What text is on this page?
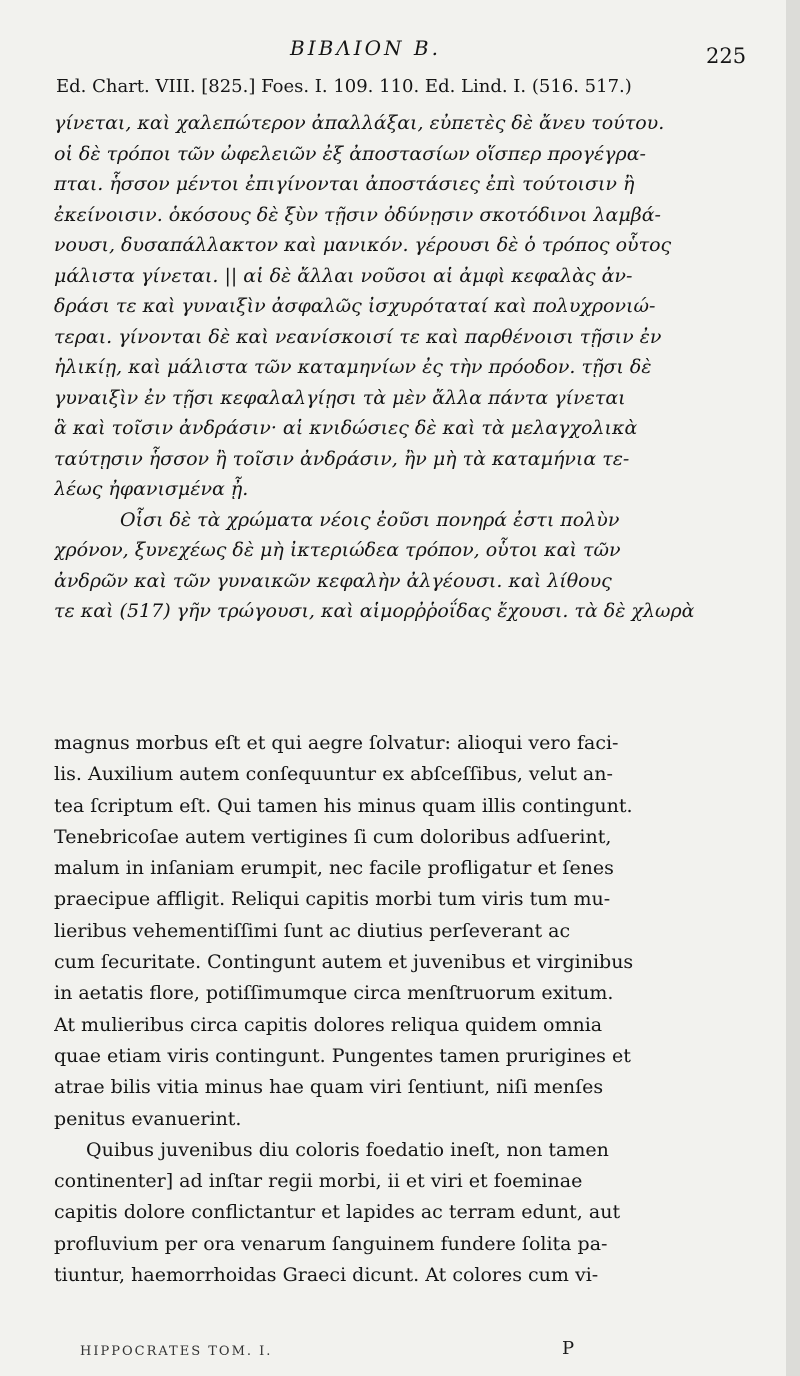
ΒΙΒΛΙΟΝ Β.	225
Ed. Chart. VIII. [825.] Foes. I. 109. 110. Ed. Lind. I. (516. 517.)
γίνεται, καὶ χαλεπώτερον ἀπαλλάξαι, εὐπετὲς δὲ ἄνευ τούτου.
οἱ δὲ τρόποι τῶν ὠφελειῶν ἐξ ἀποστασίων οἵσπερ προγέγρα-
πται. ἧσσον μέντοι ἐπιγίνονται ἀποστάσιες ἐπὶ τούτοισιν ἢ
ἐκείνοισιν. ὁκόσους δὲ ξὺν τῇσιν ὀδύνῃσιν σκοτόδινοι λαμβά-
νουσι, δυσαπάλλακτον καὶ μανικόν. γέρουσι δὲ ὁ τρόπος οὗτος
μάλιστα γίνεται. || αἱ δὲ ἄλλαι νοῦσοι αἱ ἀμφὶ κεφαλὰς ἀν-
δράσι τε καὶ γυναιξὶν ἀσφαλῶς ἰσχυρόταταί καὶ πολυχρονιώ-
τεραι. γίνονται δὲ καὶ νεανίσκοισί τε καὶ παρθένοισι τῇσιν ἐν
ἡλικίῃ, καὶ μάλιστα τῶν καταμηνίων ἐς τὴν πρόοδον. τῇσι δὲ
γυναιξὶν ἐν τῇσι κεφαλαλγίῃσι τὰ μὲν ἄλλα πάντα γίνεται
ἃ καὶ τοῖσιν ἀνδράσιν· αἱ κνιδώσιες δὲ καὶ τὰ μελαγχολικὰ
ταύτῃσιν ἧσσον ἢ τοῖσιν ἀνδράσιν, ἢν μὴ τὰ καταμήνια τε-
λέως ἠφανισμένα ᾖ.
Οἷσι δὲ τὰ χρώματα νέοις ἐοῦσι πονηρά ἐστι πολὺν
χρόνον, ξυνεχέως δὲ μὴ ἰκτεριώδεα τρόπον, οὗτοι καὶ τῶν
ἀνδρῶν καὶ τῶν γυναικῶν κεφαλὴν ἀλγέουσι. καὶ λίθους
τε καὶ (517) γῆν τρώγουσι, καὶ αἱμορῤῥοΐδας ἔχουσι. τὰ δὲ χλωρὰ
magnus morbus eſt et qui aegre ſolvatur: alioqui vero faci-
lis. Auxilium autem conſequuntur ex abſceſſibus, velut an-
tea ſcriptum eſt. Qui tamen his minus quam illis contingunt.
Tenebricoſae autem vertigines ſi cum doloribus adſuerint,
malum in inſaniam erumpit, nec facile profligatur et ſenes
praecipue affligit. Reliqui capitis morbi tum viris tum mu-
lieribus vehementiſſimi ſunt ac diutius perſeverant ac
cum ſecuritate. Contingunt autem et juvenibus et virginibus
in aetatis flore, potiſſimumque circa menſtruorum exitum.
At mulieribus circa capitis dolores reliqua quidem omnia
quae etiam viris contingunt. Pungentes tamen prurigines et
atrae bilis vitia minus hae quam viri ſentiunt, niſi menſes
penitus evanuerint.
Quibus juvenibus diu coloris foedatio ineſt, non tamen
continenter] ad inſtar regii morbi, ii et viri et foeminae
capitis dolore conflictantur et lapides ac terram edunt, aut
profluvium per ora venarum ſanguinem fundere ſolita pa-
tiuntur, haemorrhoidas Graeci dicunt. At colores cum vi-
HIPPOCRATES TOM. I.	P
